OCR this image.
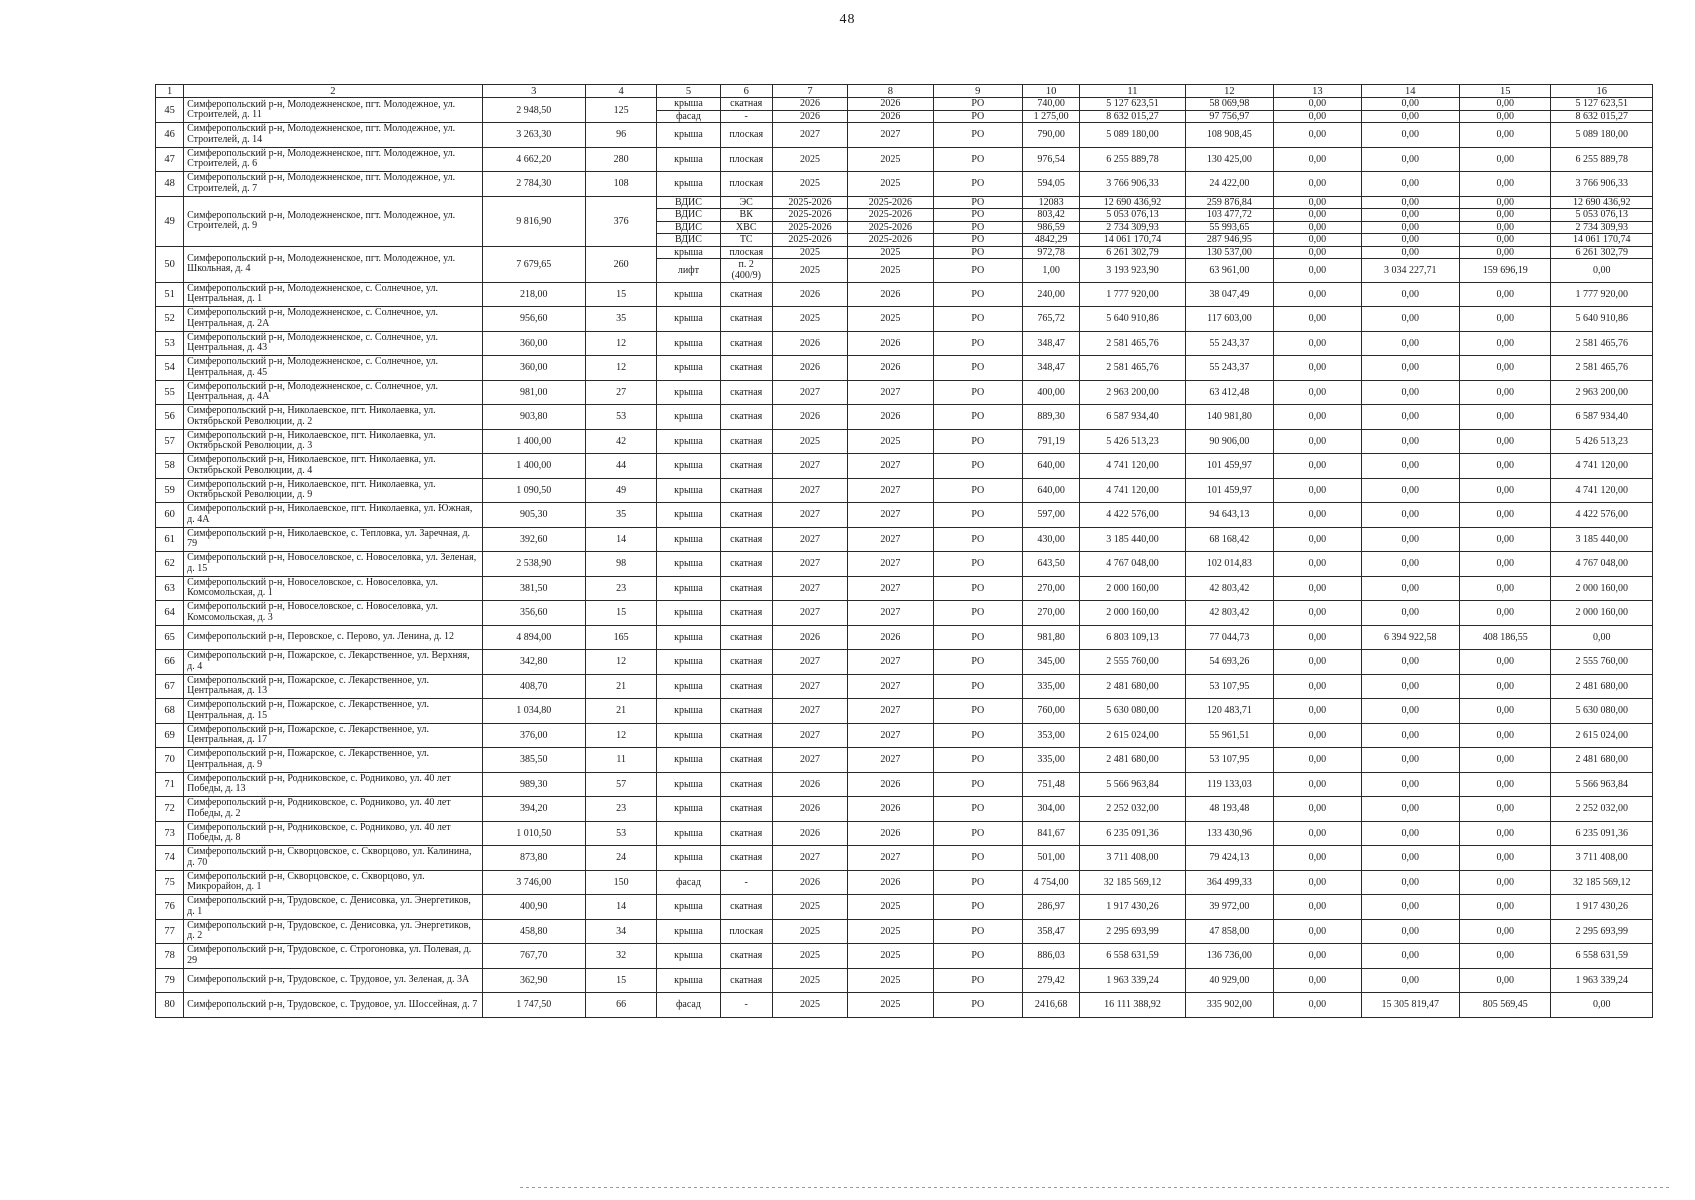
48
1	2	3	4	5	6	7	8	9	10	11	12	13	14	15	16
45	Симферопольский р-н, Молодежненское, пгт. Молодежное, ул. Строителей, д. 11	2 948,50	125	крыша	скатная	2026	2026	РО	740,00	5 127 623,51	58 069,98	0,00	0,00	0,00	5 127 623,51
				фасад	-	2026	2026	РО	1 275,00	8 632 015,27	97 756,97	0,00	0,00	0,00	8 632 015,27
46	Симферопольский р-н, Молодежненское, пгт. Молодежное, ул. Строителей, д. 14	3 263,30	96	крыша	плоская	2027	2027	РО	790,00	5 089 180,00	108 908,45	0,00	0,00	0,00	5 089 180,00
47	Симферопольский р-н, Молодежненское, пгт. Молодежное, ул. Строителей, д. 6	4 662,20	280	крыша	плоская	2025	2025	РО	976,54	6 255 889,78	130 425,00	0,00	0,00	0,00	6 255 889,78
48	Симферопольский р-н, Молодежненское, пгт. Молодежное, ул. Строителей, д. 7	2 784,30	108	крыша	плоская	2025	2025	РО	594,05	3 766 906,33	24 422,00	0,00	0,00	0,00	3 766 906,33
49	Симферопольский р-н, Молодежненское, пгт. Молодежное, ул. Строителей, д. 9	9 816,90	376	ВДИС	ЭС	2025-2026	2025-2026	РО	12083	12 690 436,92	259 876,84	0,00	0,00	0,00	12 690 436,92
				ВДИС	ВК	2025-2026	2025-2026	РО	803,42	5 053 076,13	103 477,72	0,00	0,00	0,00	5 053 076,13
				ВДИС	ХВС	2025-2026	2025-2026	РО	986,59	2 734 309,93	55 993,65	0,00	0,00	0,00	2 734 309,93
				ВДИС	ТС	2025-2026	2025-2026	РО	4842,29	14 061 170,74	287 946,95	0,00	0,00	0,00	14 061 170,74
50	Симферопольский р-н, Молодежненское, пгт. Молодежное, ул. Школьная, д. 4	7 679,65	260	крыша	плоская	2025	2025	РО	972,78	6 261 302,79	130 537,00	0,00	0,00	0,00	6 261 302,79
				лифт	п. 2 (400/9)	2025	2025	РО	1,00	3 193 923,90	63 961,00	0,00	3 034 227,71	159 696,19	0,00
51	Симферопольский р-н, Молодежненское, с. Солнечное, ул. Центральная, д. 1	218,00	15	крыша	скатная	2026	2026	РО	240,00	1 777 920,00	38 047,49	0,00	0,00	0,00	1 777 920,00
52	Симферопольский р-н, Молодежненское, с. Солнечное, ул. Центральная, д. 2А	956,60	35	крыша	скатная	2025	2025	РО	765,72	5 640 910,86	117 603,00	0,00	0,00	0,00	5 640 910,86
53	Симферопольский р-н, Молодежненское, с. Солнечное, ул. Центральная, д. 43	360,00	12	крыша	скатная	2026	2026	РО	348,47	2 581 465,76	55 243,37	0,00	0,00	0,00	2 581 465,76
54	Симферопольский р-н, Молодежненское, с. Солнечное, ул. Центральная, д. 45	360,00	12	крыша	скатная	2026	2026	РО	348,47	2 581 465,76	55 243,37	0,00	0,00	0,00	2 581 465,76
55	Симферопольский р-н, Молодежненское, с. Солнечное, ул. Центральная, д. 4А	981,00	27	крыша	скатная	2027	2027	РО	400,00	2 963 200,00	63 412,48	0,00	0,00	0,00	2 963 200,00
56	Симферопольский р-н, Николаевское, пгт. Николаевка, ул. Октябрьской Революции, д. 2	903,80	53	крыша	скатная	2026	2026	РО	889,30	6 587 934,40	140 981,80	0,00	0,00	0,00	6 587 934,40
57	Симферопольский р-н, Николаевское, пгт. Николаевка, ул. Октябрьской Революции, д. 3	1 400,00	42	крыша	скатная	2025	2025	РО	791,19	5 426 513,23	90 906,00	0,00	0,00	0,00	5 426 513,23
58	Симферопольский р-н, Николаевское, пгт. Николаевка, ул. Октябрьской Революции, д. 4	1 400,00	44	крыша	скатная	2027	2027	РО	640,00	4 741 120,00	101 459,97	0,00	0,00	0,00	4 741 120,00
59	Симферопольский р-н, Николаевское, пгт. Николаевка, ул. Октябрьской Революции, д. 9	1 090,50	49	крыша	скатная	2027	2027	РО	640,00	4 741 120,00	101 459,97	0,00	0,00	0,00	4 741 120,00
60	Симферопольский р-н, Николаевское, пгт. Николаевка, ул. Южная, д. 4А	905,30	35	крыша	скатная	2027	2027	РО	597,00	4 422 576,00	94 643,13	0,00	0,00	0,00	4 422 576,00
61	Симферопольский р-н, Николаевское, с. Тепловка, ул. Заречная, д. 79	392,60	14	крыша	скатная	2027	2027	РО	430,00	3 185 440,00	68 168,42	0,00	0,00	0,00	3 185 440,00
62	Симферопольский р-н, Новоселовское, с. Новоселовка, ул. Зеленая, д. 15	2 538,90	98	крыша	скатная	2027	2027	РО	643,50	4 767 048,00	102 014,83	0,00	0,00	0,00	4 767 048,00
63	Симферопольский р-н, Новоселовское, с. Новоселовка, ул. Комсомольская, д. 1	381,50	23	крыша	скатная	2027	2027	РО	270,00	2 000 160,00	42 803,42	0,00	0,00	0,00	2 000 160,00
64	Симферопольский р-н, Новоселовское, с. Новоселовка, ул. Комсомольская, д. 3	356,60	15	крыша	скатная	2027	2027	РО	270,00	2 000 160,00	42 803,42	0,00	0,00	0,00	2 000 160,00
65	Симферопольский р-н, Перовское, с. Перово, ул. Ленина, д. 12	4 894,00	165	крыша	скатная	2026	2026	РО	981,80	6 803 109,13	77 044,73	0,00	6 394 922,58	408 186,55	0,00
66	Симферопольский р-н, Пожарское, с. Лекарственное, ул. Верхняя, д. 4	342,80	12	крыша	скатная	2027	2027	РО	345,00	2 555 760,00	54 693,26	0,00	0,00	0,00	2 555 760,00
67	Симферопольский р-н, Пожарское, с. Лекарственное, ул. Центральная, д. 13	408,70	21	крыша	скатная	2027	2027	РО	335,00	2 481 680,00	53 107,95	0,00	0,00	0,00	2 481 680,00
68	Симферопольский р-н, Пожарское, с. Лекарственное, ул. Центральная, д. 15	1 034,80	21	крыша	скатная	2027	2027	РО	760,00	5 630 080,00	120 483,71	0,00	0,00	0,00	5 630 080,00
69	Симферопольский р-н, Пожарское, с. Лекарственное, ул. Центральная, д. 17	376,00	12	крыша	скатная	2027	2027	РО	353,00	2 615 024,00	55 961,51	0,00	0,00	0,00	2 615 024,00
70	Симферопольский р-н, Пожарское, с. Лекарственное, ул. Центральная, д. 9	385,50	11	крыша	скатная	2027	2027	РО	335,00	2 481 680,00	53 107,95	0,00	0,00	0,00	2 481 680,00
71	Симферопольский р-н, Родниковское, с. Родниково, ул. 40 лет Победы, д. 13	989,30	57	крыша	скатная	2026	2026	РО	751,48	5 566 963,84	119 133,03	0,00	0,00	0,00	5 566 963,84
72	Симферопольский р-н, Родниковское, с. Родниково, ул. 40 лет Победы, д. 2	394,20	23	крыша	скатная	2026	2026	РО	304,00	2 252 032,00	48 193,48	0,00	0,00	0,00	2 252 032,00
73	Симферопольский р-н, Родниковское, с. Родниково, ул. 40 лет Победы, д. 8	1 010,50	53	крыша	скатная	2026	2026	РО	841,67	6 235 091,36	133 430,96	0,00	0,00	0,00	6 235 091,36
74	Симферопольский р-н, Скворцовское, с. Скворцово, ул. Калинина, д. 70	873,80	24	крыша	скатная	2027	2027	РО	501,00	3 711 408,00	79 424,13	0,00	0,00	0,00	3 711 408,00
75	Симферопольский р-н, Скворцовское, с. Скворцово, ул. Микрорайон, д. 1	3 746,00	150	фасад	-	2026	2026	РО	4 754,00	32 185 569,12	364 499,33	0,00	0,00	0,00	32 185 569,12
76	Симферопольский р-н, Трудовское, с. Денисовка, ул. Энергетиков, д. 1	400,90	14	крыша	скатная	2025	2025	РО	286,97	1 917 430,26	39 972,00	0,00	0,00	0,00	1 917 430,26
77	Симферопольский р-н, Трудовское, с. Денисовка, ул. Энергетиков, д. 2	458,80	34	крыша	плоская	2025	2025	РО	358,47	2 295 693,99	47 858,00	0,00	0,00	0,00	2 295 693,99
78	Симферопольский р-н, Трудовское, с. Строгоновка, ул. Полевая, д. 29	767,70	32	крыша	скатная	2025	2025	РО	886,03	6 558 631,59	136 736,00	0,00	0,00	0,00	6 558 631,59
79	Симферопольский р-н, Трудовское, с. Трудовое, ул. Зеленая, д. 3А	362,90	15	крыша	скатная	2025	2025	РО	279,42	1 963 339,24	40 929,00	0,00	0,00	0,00	1 963 339,24
80	Симферопольский р-н, Трудовское, с. Трудовое, ул. Шоссейная, д. 7	1 747,50	66	фасад	-	2025	2025	РО	2416,68	16 111 388,92	335 902,00	0,00	15 305 819,47	805 569,45	0,00
